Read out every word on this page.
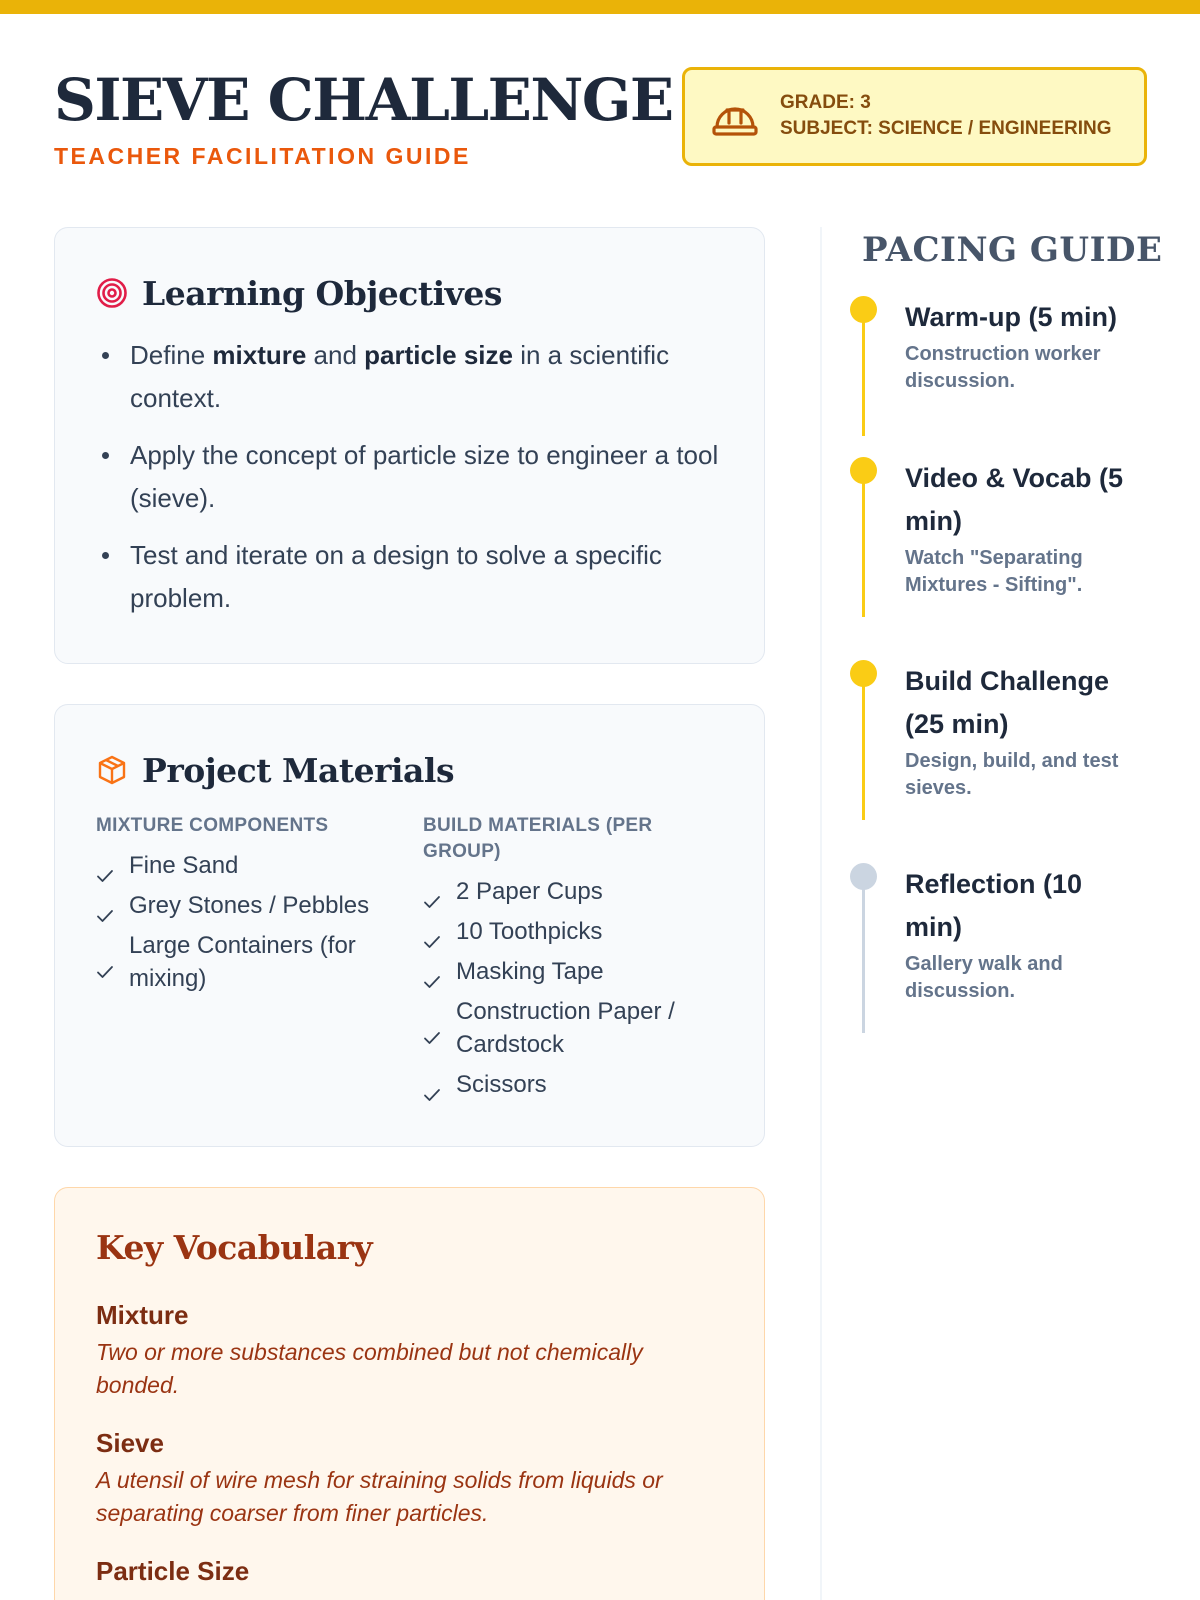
SIEVE CHALLENGE
TEACHER FACILITATION GUIDE
GRADE: 3
SUBJECT: SCIENCE / ENGINEERING
Learning Objectives
Define mixture and particle size in a scientific context.
Apply the concept of particle size to engineer a tool (sieve).
Test and iterate on a design to solve a specific problem.
Project Materials
MIXTURE COMPONENTS
Fine Sand
Grey Stones / Pebbles
Large Containers (for mixing)
BUILD MATERIALS (PER GROUP)
2 Paper Cups
10 Toothpicks
Masking Tape
Construction Paper / Cardstock
Scissors
Key Vocabulary
Mixture
Two or more substances combined but not chemically bonded.
Sieve
A utensil of wire mesh for straining solids from liquids or separating coarser from finer particles.
Particle Size
PACING GUIDE
Warm-up (5 min)
Construction worker discussion.
Video & Vocab (5 min)
Watch "Separating Mixtures - Sifting".
Build Challenge (25 min)
Design, build, and test sieves.
Reflection (10 min)
Gallery walk and discussion.
